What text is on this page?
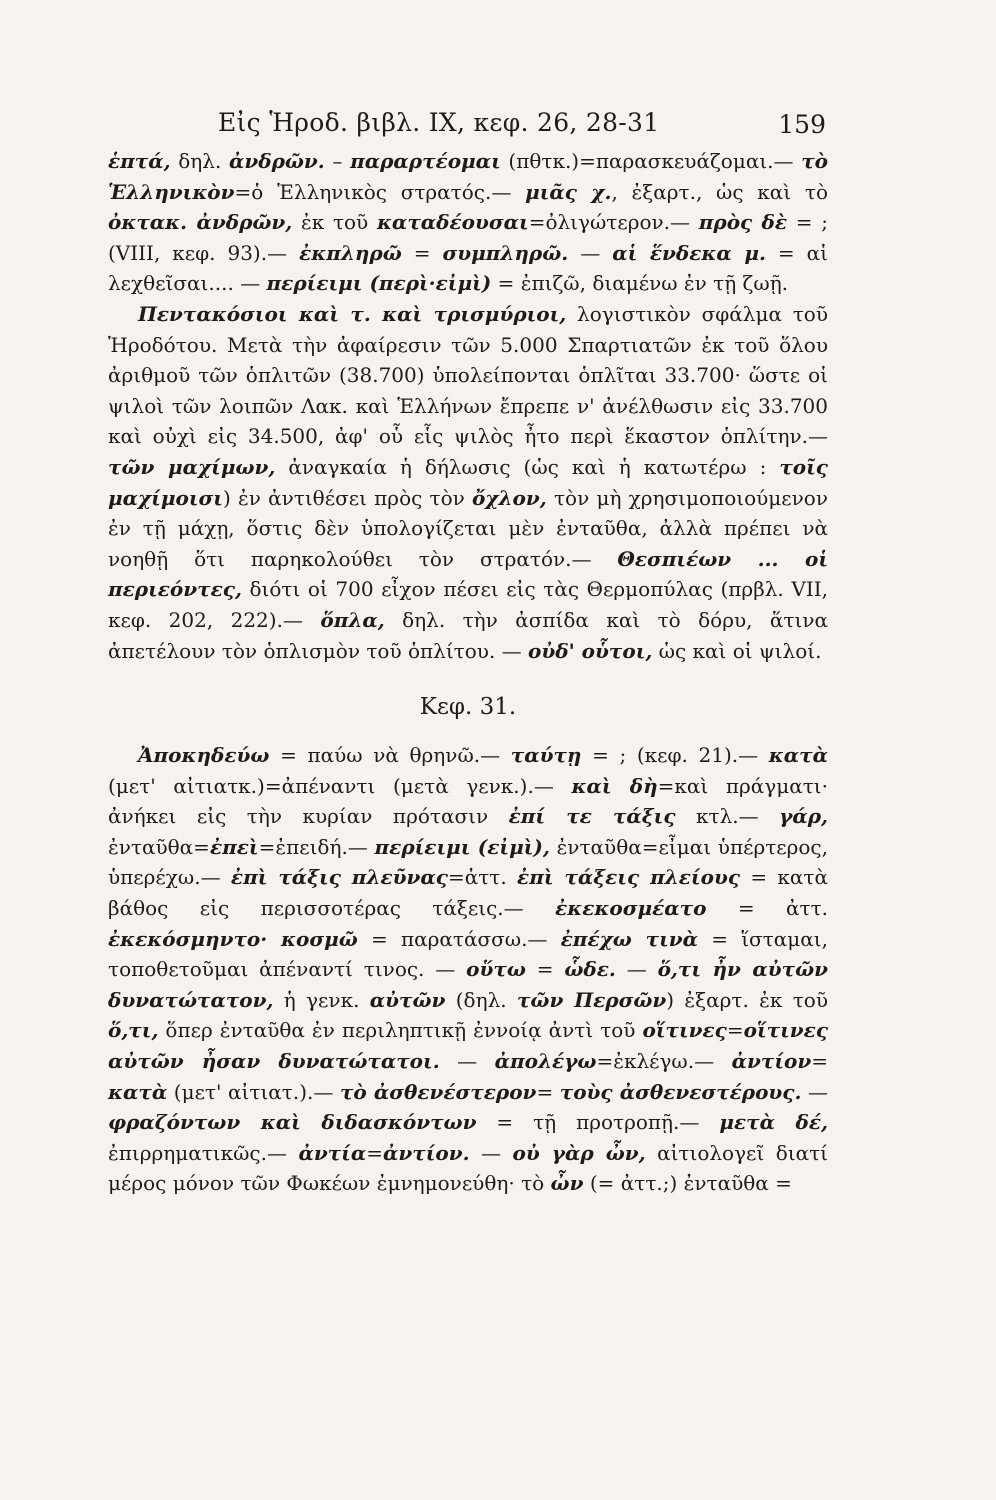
Εἰς Ἡροδ. βιβλ. IX, κεφ. 26, 28-31	159

ἑπτά, δηλ. ἀνδρῶν. – παραρτέομαι (πθτκ.)=παρασκευάζομαι.— τὸ Ἑλληνικὸν=ὁ Ἑλληνικὸς στρατός.— μιᾶς χ., ἐξαρτ., ὡς καὶ τὸ ὀκτακ. ἀνδρῶν, ἐκ τοῦ καταδέουσαι=ὀλιγώτερον.— πρὸς δὲ = ; (VIII, κεφ. 93).— ἐκπληρῶ = συμπληρῶ. — αἱ ἕνδεκα μ. = αἱ λεχθεῖσαι.... — περίειμι (περὶ·εἰμὶ) = ἐπιζῶ, διαμένω ἐν τῇ ζωῇ.

Πεντακόσιοι καὶ τ. καὶ τρισμύριοι, λογιστικὸν σφάλμα τοῦ Ἡροδότου. Μετὰ τὴν ἀφαίρεσιν τῶν 5.000 Σπαρτιατῶν ἐκ τοῦ ὅλου ἀριθμοῦ τῶν ὁπλιτῶν (38.700) ὑπολείπονται ὁπλῖται 33.700· ὥστε οἱ ψιλοὶ τῶν λοιπῶν Λακ. καὶ Ἑλλήνων ἔπρεπε ν' ἀνέλθωσιν εἰς 33.700 καὶ οὐχὶ εἰς 34.500, ἀφ' οὗ εἷς ψιλὸς ἦτο περὶ ἕκαστον ὁπλίτην.— τῶν μαχίμων, ἀναγκαία ἡ δήλωσις (ὡς καὶ ἡ κατωτέρω : τοῖς μαχίμοισι) ἐν ἀντιθέσει πρὸς τὸν ὄχλον, τὸν μὴ χρησιμοποιούμενον ἐν τῇ μάχῃ, ὅστις δὲν ὑπολογίζεται μὲν ἐνταῦθα, ἀλλὰ πρέπει νὰ νοηθῇ ὅτι παρηκολούθει τὸν στρατόν.— Θεσπιέων ... οἱ περιεόντες, διότι οἱ 700 εἶχον πέσει εἰς τὰς Θερμοπύλας (πρβλ. VII, κεφ. 202, 222).— ὅπλα, δηλ. τὴν ἀσπίδα καὶ τὸ δόρυ, ἅτινα ἀπετέλουν τὸν ὁπλισμὸν τοῦ ὁπλίτου. — οὐδ' οὗτοι, ὡς καὶ οἱ ψιλοί.

Κεφ. 31.

Ἀποκηδεύω = παύω νὰ θρηνῶ.— ταύτῃ = ; (κεφ. 21).— κατὰ (μετ' αἰτιατκ.)=ἀπέναντι (μετὰ γενκ.).— καὶ δὴ=καὶ πράγματι· ἀνήκει εἰς τὴν κυρίαν πρότασιν ἐπί τε τάξις κτλ.— γάρ, ἐνταῦθα=ἐπεὶ=ἐπειδή.— περίειμι (εἰμὶ), ἐνταῦθα=εἶμαι ὑπέρτερος, ὑπερέχω.— ἐπὶ τάξις πλεῦνας=ἀττ. ἐπὶ τάξεις πλείους = κατὰ βάθος εἰς περισσοτέρας τάξεις.— ἐκεκοσμέατο = ἀττ. ἐκεκόσμηντο· κοσμῶ = παρατάσσω.— ἐπέχω τινὰ = ἵσταμαι, τοποθετοῦμαι ἀπέναντί τινος. — οὕτω = ὧδε. — ὅ,τι ἦν αὐτῶν δυνατώτατον, ἡ γενκ. αὐτῶν (δηλ. τῶν Περσῶν) ἐξαρτ. ἐκ τοῦ ὅ,τι, ὅπερ ἐνταῦθα ἐν περιληπτικῇ ἐννοίᾳ ἀντὶ τοῦ οἵτινες=οἵτινες αὐτῶν ἦσαν δυνατώτατοι. — ἀπολέγω=ἐκλέγω.— ἀντίον= κατὰ (μετ' αἰτιατ.).— τὸ ἀσθενέστερον= τοὺς ἀσθενεστέρους. — φραζόντων καὶ διδασκόντων = τῇ προτροπῇ.— μετὰ δέ, ἐπιρρηματικῶς.— ἀντία=ἀντίον. — οὐ γὰρ ὦν, αἰτιολογεῖ διατί μέρος μόνον τῶν Φωκέων ἐμνημονεύθη· τὸ ὦν (= ἀττ.;) ἐνταῦθα =
